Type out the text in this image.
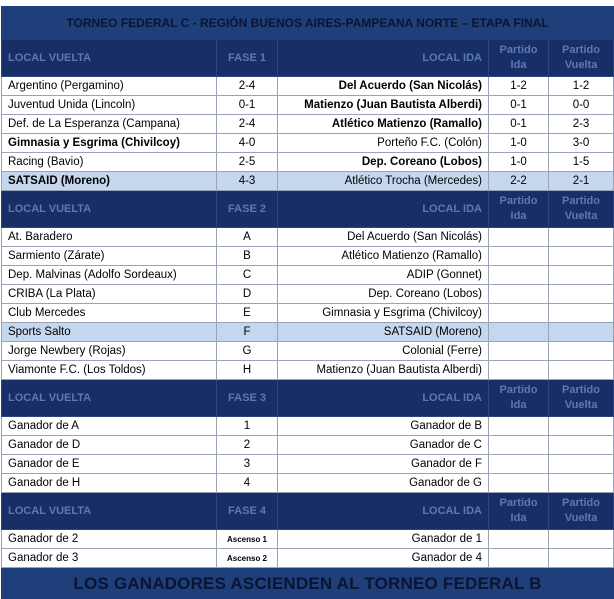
TORNEO FEDERAL C - REGIÓN BUENOS AIRES-PAMPEANA NORTE – ETAPA FINAL				
LOCAL VUELTA	FASE 1	LOCAL IDA	Partido Ida	Partido Vuelta
Argentino (Pergamino)	2-4	Del Acuerdo (San Nicolás)	1-2	1-2
Juventud Unida (Lincoln)	0-1	Matienzo (Juan Bautista Alberdi)	0-1	0-0
Def. de La Esperanza (Campana)	2-4	Atlético Matienzo (Ramallo)	0-1	2-3
Gimnasia y Esgrima (Chivilcoy)	4-0	Porteño F.C. (Colón)	1-0	3-0
Racing (Bavio)	2-5	Dep. Coreano (Lobos)	1-0	1-5
SATSAID (Moreno)	4-3	Atlético Trocha (Mercedes)	2-2	2-1
LOCAL VUELTA	FASE 2	LOCAL IDA	Partido Ida	Partido Vuelta
At. Baradero	A	Del Acuerdo (San Nicolás)		
Sarmiento (Zárate)	B	Atlético Matienzo (Ramallo)		
Dep. Malvinas (Adolfo Sordeaux)	C	ADIP (Gonnet)		
CRIBA (La Plata)	D	Dep. Coreano (Lobos)		
Club Mercedes	E	Gimnasia y Esgrima (Chivilcoy)		
Sports Salto	F	SATSAID (Moreno)		
Jorge Newbery (Rojas)	G	Colonial (Ferre)		
Viamonte F.C. (Los Toldos)	H	Matienzo (Juan Bautista Alberdi)		
LOCAL VUELTA	FASE 3	LOCAL IDA	Partido Ida	Partido Vuelta
Ganador de A	1	Ganador de B		
Ganador de D	2	Ganador de C		
Ganador de E	3	Ganador de F		
Ganador de H	4	Ganador de G		
LOCAL VUELTA	FASE 4	LOCAL IDA	Partido Ida	Partido Vuelta
Ganador de 2	Ascenso 1	Ganador de 1		
Ganador de 3	Ascenso 2	Ganador de 4		
LOS GANADORES ASCIENDEN AL TORNEO FEDERAL B				
